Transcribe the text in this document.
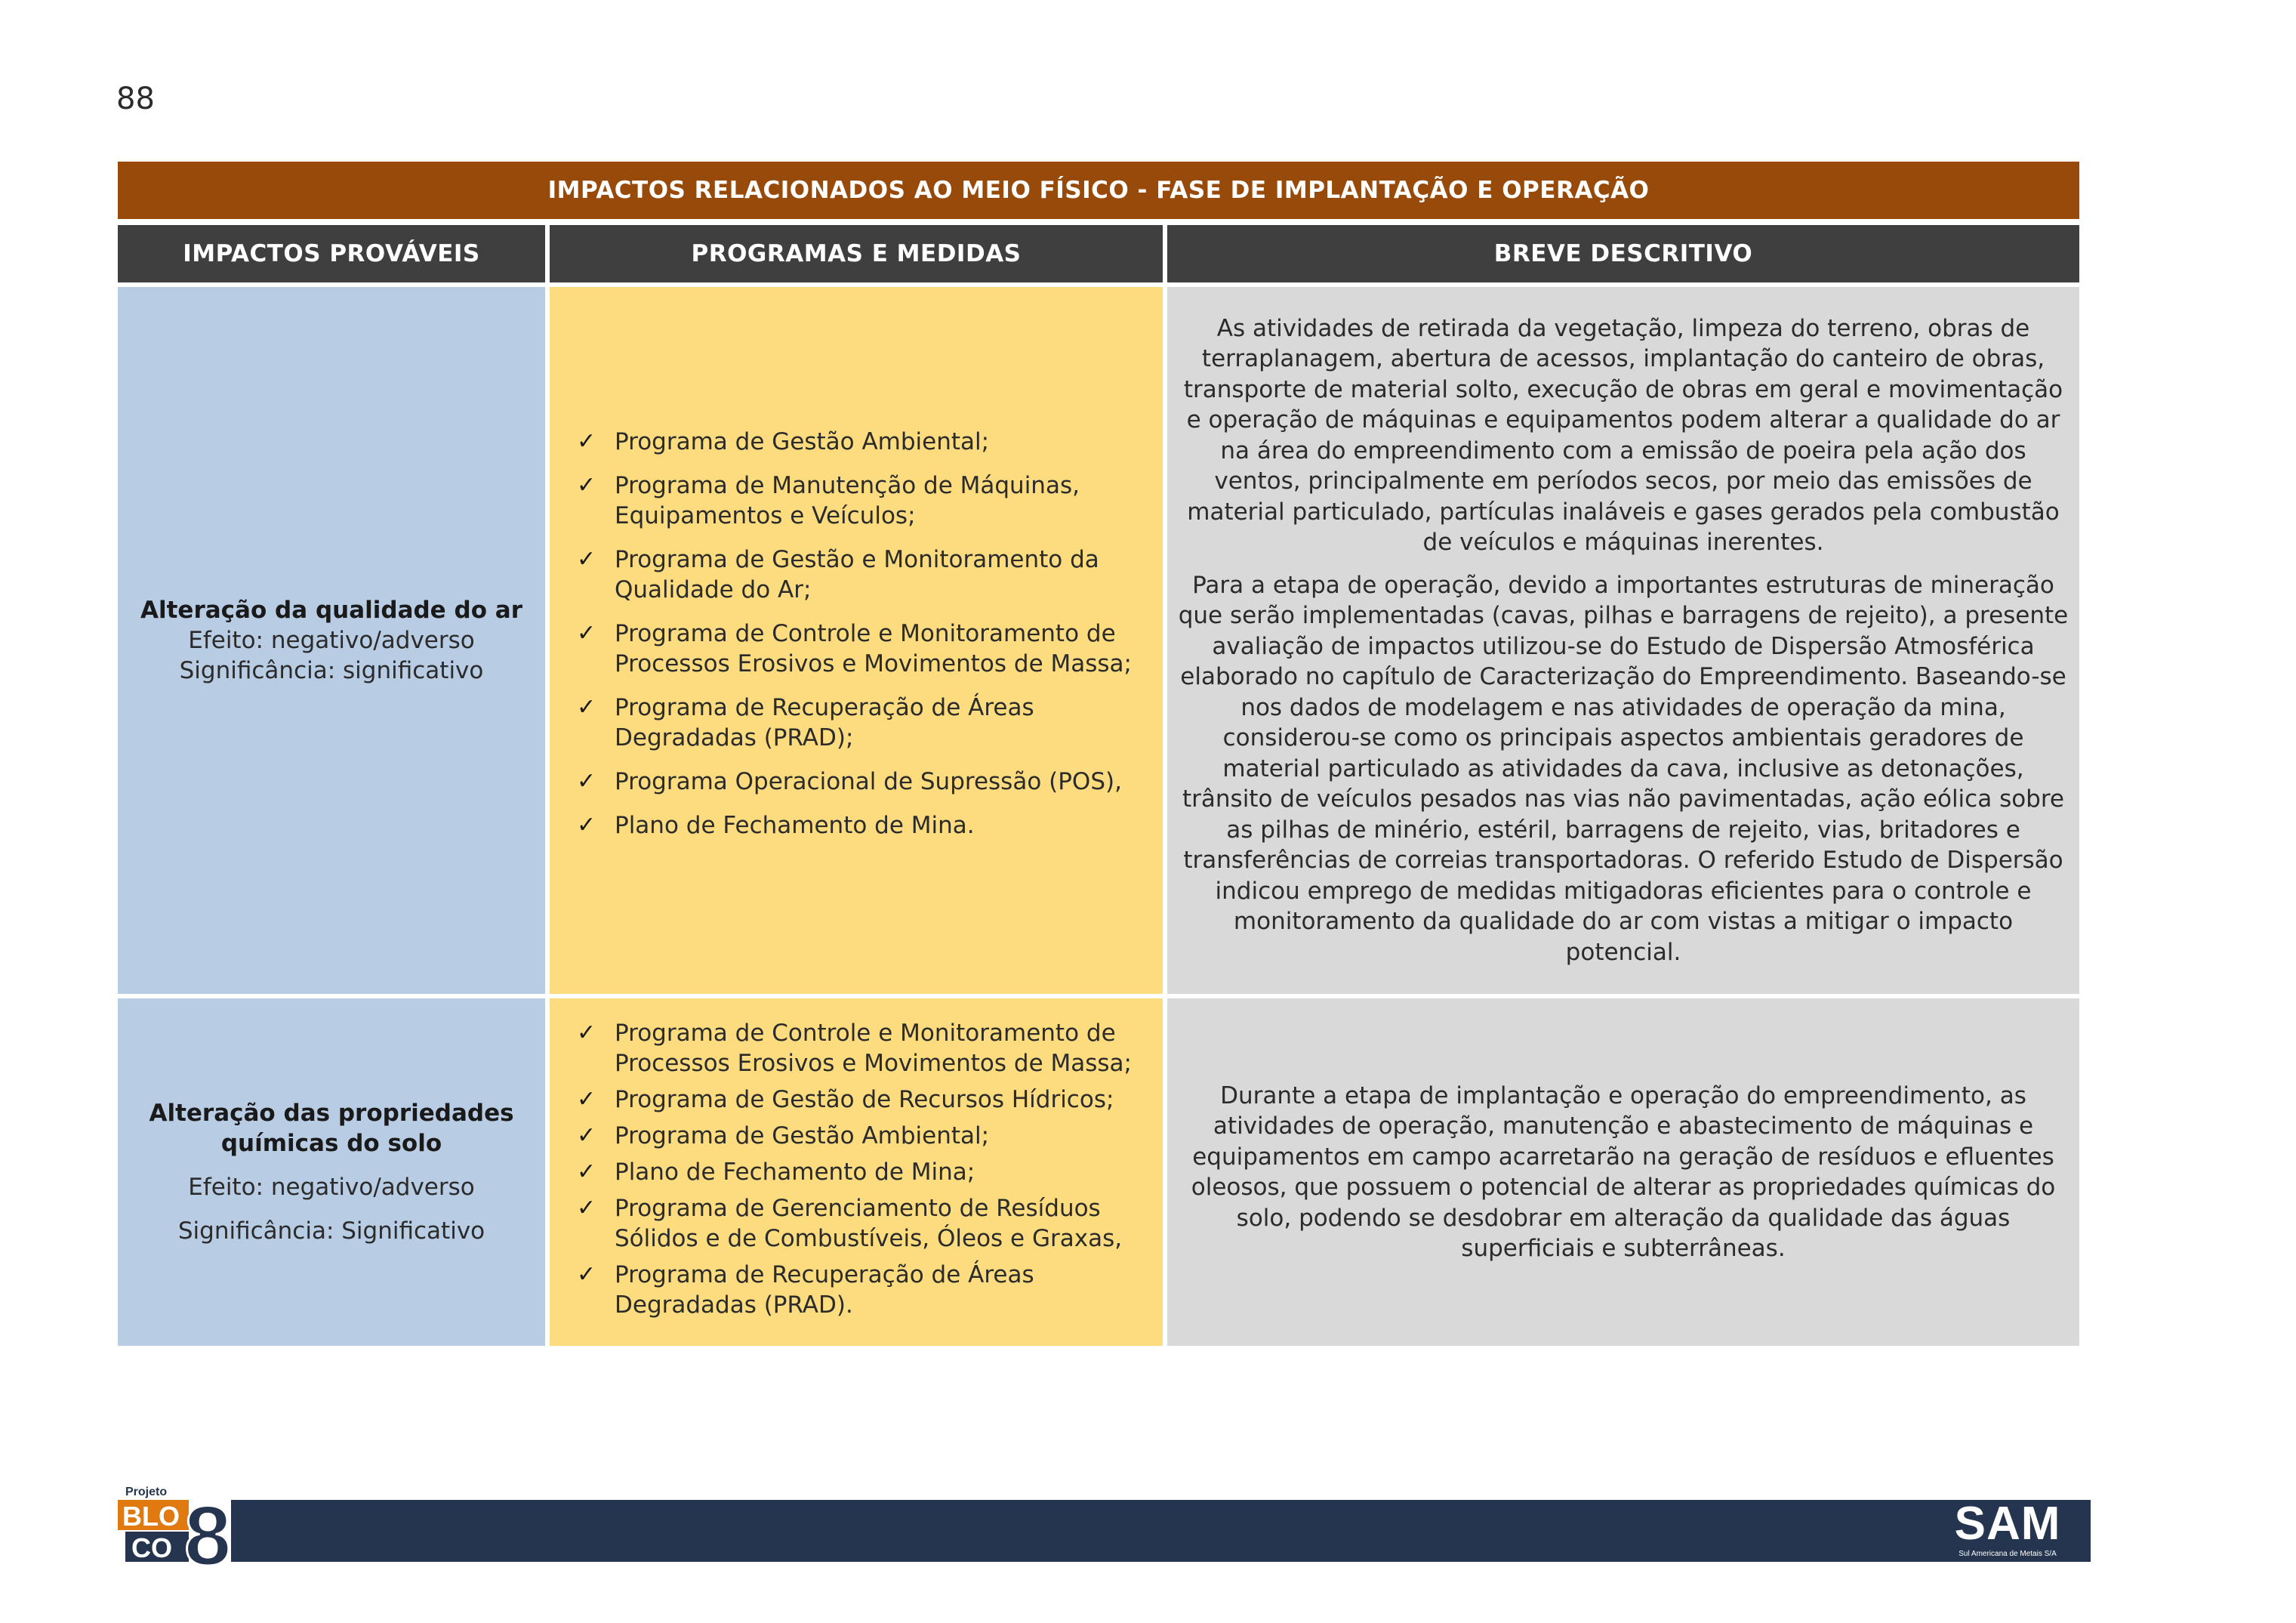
88
IMPACTOS RELACIONADOS AO MEIO FÍSICO - FASE DE IMPLANTAÇÃO E OPERAÇÃO
IMPACTOS PROVÁVEIS	PROGRAMAS E MEDIDAS	BREVE DESCRITIVO
Alteração da qualidade do ar
Efeito: negativo/adverso
Significância: significativo
✓ Programa de Gestão Ambiental;
✓ Programa de Manutenção de Máquinas, Equipamentos e Veículos;
✓ Programa de Gestão e Monitoramento da Qualidade do Ar;
✓ Programa de Controle e Monitoramento de Processos Erosivos e Movimentos de Massa;
✓ Programa de Recuperação de Áreas Degradadas (PRAD);
✓ Programa Operacional de Supressão (POS),
✓ Plano de Fechamento de Mina.

As atividades de retirada da vegetação, limpeza do terreno, obras de terraplanagem, abertura de acessos, implantação do canteiro de obras, transporte de material solto, execução de obras em geral e movimentação e operação de máquinas e equipamentos podem alterar a qualidade do ar na área do empreendimento com a emissão de poeira pela ação dos ventos, principalmente em períodos secos, por meio das emissões de material particulado, partículas inaláveis e gases gerados pela combustão de veículos e máquinas inerentes.

Para a etapa de operação, devido a importantes estruturas de mineração que serão implementadas (cavas, pilhas e barragens de rejeito), a presente avaliação de impactos utilizou-se do Estudo de Dispersão Atmosférica elaborado no capítulo de Caracterização do Empreendimento. Baseando-se nos dados de modelagem e nas atividades de operação da mina, considerou-se como os principais aspectos ambientais geradores de material particulado as atividades da cava, inclusive as detonações, trânsito de veículos pesados nas vias não pavimentadas, ação eólica sobre as pilhas de minério, estéril, barragens de rejeito, vias, britadores e transferências de correias transportadoras. O referido Estudo de Dispersão indicou emprego de medidas mitigadoras eficientes para o controle e monitoramento da qualidade do ar com vistas a mitigar o impacto potencial.

Alteração das propriedades químicas do solo
Efeito: negativo/adverso
Significância: Significativo
✓ Programa de Controle e Monitoramento de Processos Erosivos e Movimentos de Massa;
✓ Programa de Gestão de Recursos Hídricos;
✓ Programa de Gestão Ambiental;
✓ Plano de Fechamento de Mina;
✓ Programa de Gerenciamento de Resíduos Sólidos e de Combustíveis, Óleos e Graxas,
✓ Programa de Recuperação de Áreas Degradadas (PRAD).

Durante a etapa de implantação e operação do empreendimento, as atividades de operação, manutenção e abastecimento de máquinas e equipamentos em campo acarretarão na geração de resíduos e efluentes oleosos, que possuem o potencial de alterar as propriedades químicas do solo, podendo se desdobrar em alteração da qualidade das águas superficiais e subterrâneas.

SAM
Sul Americana de Metais S/A
Projeto
BLO
CO 8
